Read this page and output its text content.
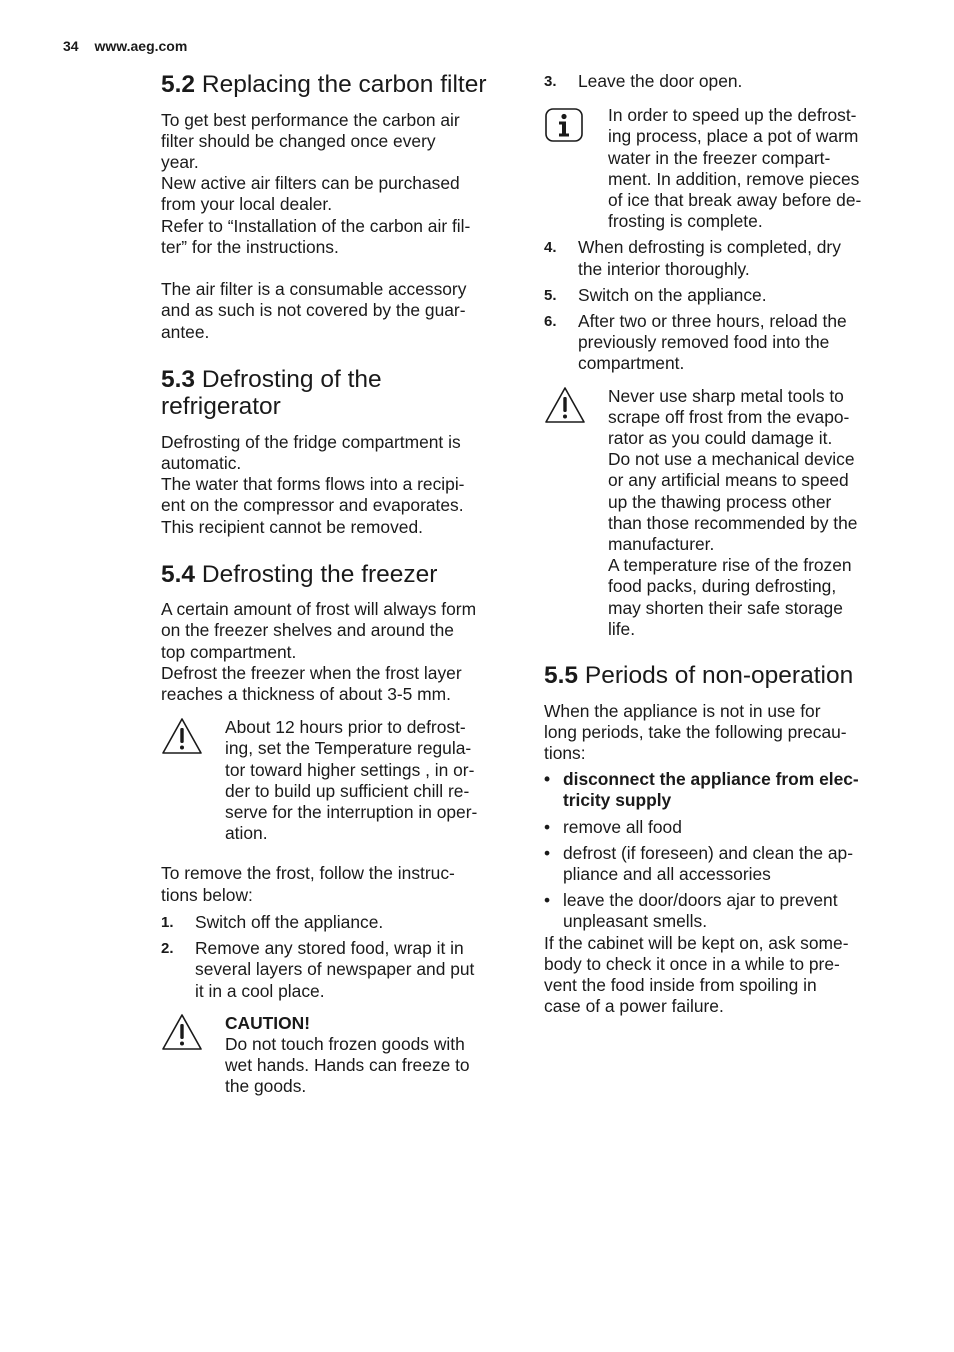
34 www.aeg.com
5.2 Replacing the carbon filter

To get best performance the carbon air

filter should be changed once every

year.

New active air filters can be purchased

from your local dealer.

Refer to “Installation of the carbon air fil-

ter” for the instructions.

The air filter is a consumable accessory

and as such is not covered by the guar-

antee.

5.3 Defrosting of the
refrigerator

Defrosting of the fridge compartment is

automatic.

The water that forms flows into a recipi-

ent on the compressor and evaporates.

This recipient cannot be removed.

5.4 Defrosting the freezer

A certain amount of frost will always form

on the freezer shelves and around the

top compartment.

Defrost the freezer when the frost layer

reaches a thickness of about 3-5 mm.

About 12 hours prior to defrost-

ing, set the Temperature regula-

tor toward higher settings , in or-

der to build up sufficient chill re-

serve for the interruption in oper-

ation.

To remove the frost, follow the instruc-

tions below:

1.	Switch off the appliance.
2.	Remove any stored food, wrap it in
several layers of newspaper and put
it in a cool place.

CAUTION!

Do not touch frozen goods with

wet hands. Hands can freeze to

the goods.

3.	Leave the door open.

In order to speed up the defrost-

ing process, place a pot of warm

water in the freezer compart-

ment. In addition, remove pieces

of ice that break away before de-

frosting is complete.

4.	When defrosting is completed, dry
the interior thoroughly.
5.	Switch on the appliance.
6.	After two or three hours, reload the
previously removed food into the
compartment.

Never use sharp metal tools to

scrape off frost from the evapo-

rator as you could damage it.

Do not use a mechanical device

or any artificial means to speed

up the thawing process other

than those recommended by the

manufacturer.

A temperature rise of the frozen

food packs, during defrosting,

may shorten their safe storage

life.

5.5 Periods of non-operation

When the appliance is not in use for

long periods, take the following precau-

tions:

• disconnect the appliance from elec-
tricity supply
• remove all food
• defrost (if foreseen) and clean the ap-
pliance and all accessories
• leave the door/doors ajar to prevent
unpleasant smells.

If the cabinet will be kept on, ask some-

body to check it once in a while to pre-

vent the food inside from spoiling in

case of a power failure.
